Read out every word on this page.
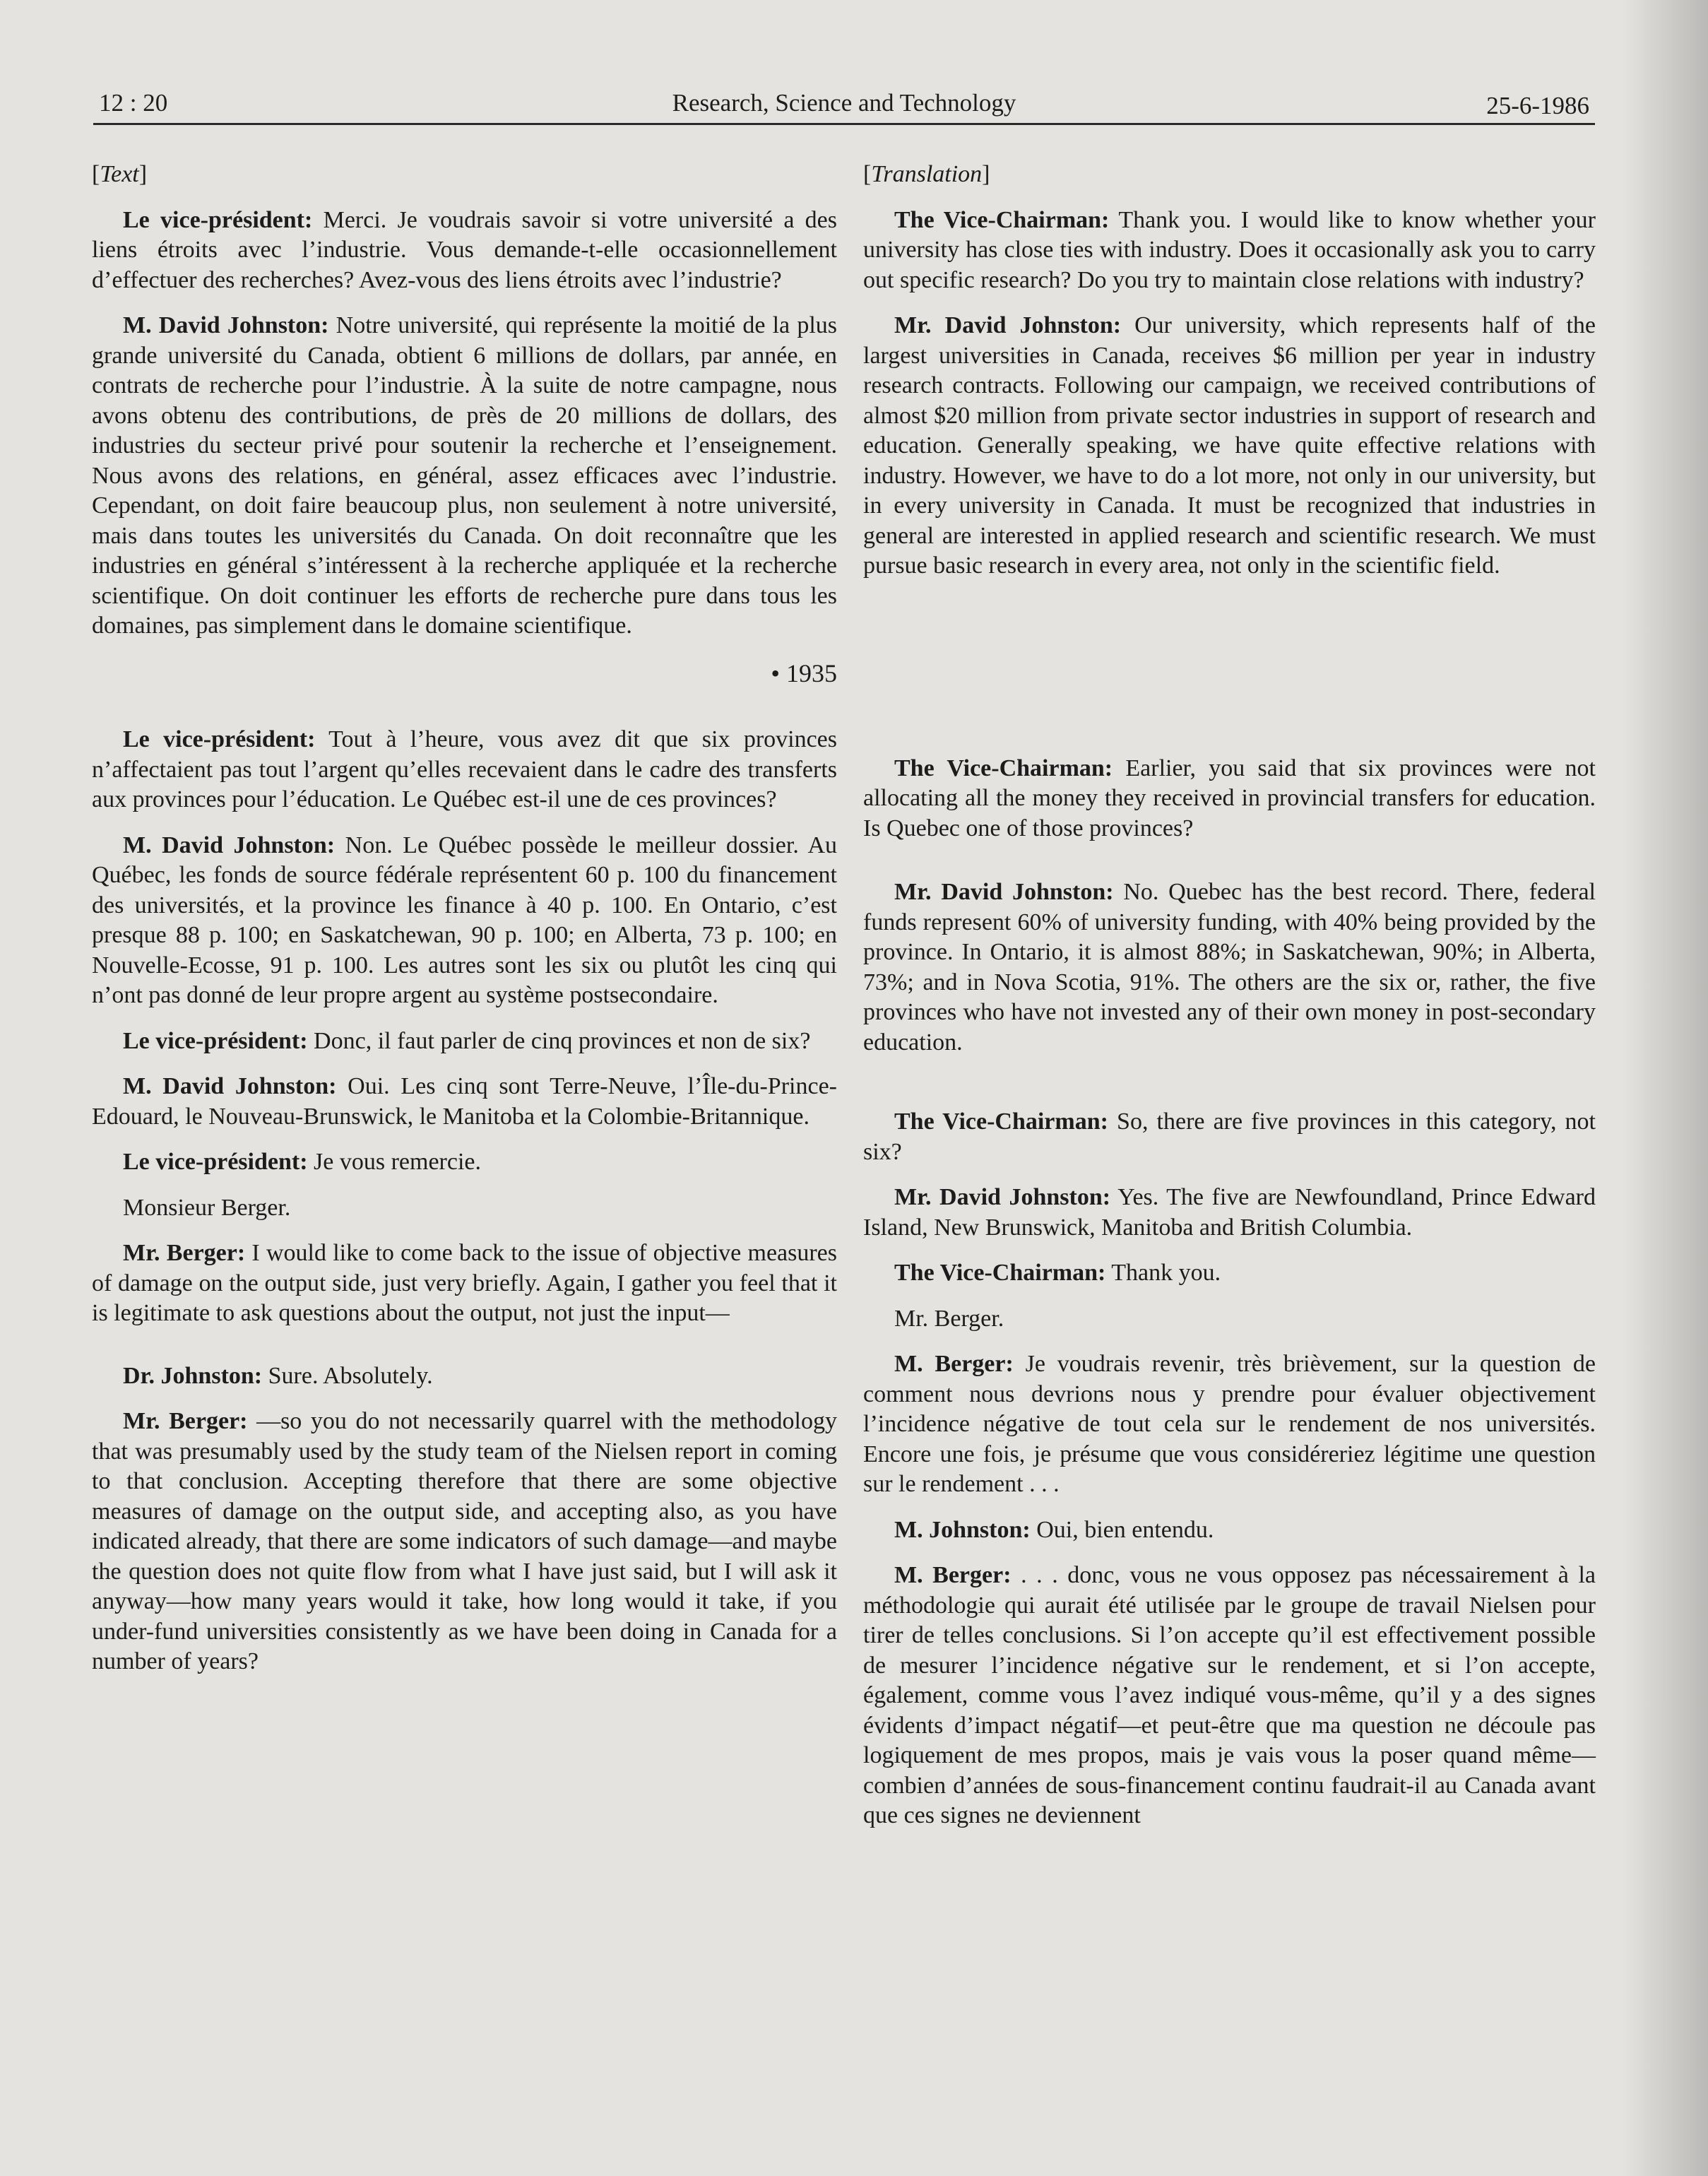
12 : 20	Research, Science and Technology	25-6-1986

[Text]

Le vice-président: Merci. Je voudrais savoir si votre université a des liens étroits avec l’industrie. Vous demande-t-elle occasionnellement d’effectuer des recherches? Avez-vous des liens étroits avec l’industrie?

M. David Johnston: Notre université, qui représente la moitié de la plus grande université du Canada, obtient 6 millions de dollars, par année, en contrats de recherche pour l’industrie. À la suite de notre campagne, nous avons obtenu des contributions, de près de 20 millions de dollars, des industries du secteur privé pour soutenir la recherche et l’enseignement. Nous avons des relations, en général, assez efficaces avec l’industrie. Cependant, on doit faire beaucoup plus, non seulement à notre université, mais dans toutes les universités du Canada. On doit reconnaître que les industries en général s’intéressent à la recherche appliquée et la recherche scientifique. On doit continuer les efforts de recherche pure dans tous les domaines, pas simplement dans le domaine scientifique.

• 1935

Le vice-président: Tout à l’heure, vous avez dit que six provinces n’affectaient pas tout l’argent qu’elles recevaient dans le cadre des transferts aux provinces pour l’éducation. Le Québec est-il une de ces provinces?

M. David Johnston: Non. Le Québec possède le meilleur dossier. Au Québec, les fonds de source fédérale représentent 60 p. 100 du financement des universités, et la province les finance à 40 p. 100. En Ontario, c’est presque 88 p. 100; en Saskatchewan, 90 p. 100; en Alberta, 73 p. 100; en Nouvelle-Ecosse, 91 p. 100. Les autres sont les six ou plutôt les cinq qui n’ont pas donné de leur propre argent au système postsecondaire.

Le vice-président: Donc, il faut parler de cinq provinces et non de six?

M. David Johnston: Oui. Les cinq sont Terre-Neuve, l’Île-du-Prince-Edouard, le Nouveau-Brunswick, le Manitoba et la Colombie-Britannique.

Le vice-président: Je vous remercie.

Monsieur Berger.

Mr. Berger: I would like to come back to the issue of objective measures of damage on the output side, just very briefly. Again, I gather you feel that it is legitimate to ask questions about the output, not just the input—

Dr. Johnston: Sure. Absolutely.

Mr. Berger: —so you do not necessarily quarrel with the methodology that was presumably used by the study team of the Nielsen report in coming to that conclusion. Accepting therefore that there are some objective measures of damage on the output side, and accepting also, as you have indicated already, that there are some indicators of such damage—and maybe the question does not quite flow from what I have just said, but I will ask it anyway—how many years would it take, how long would it take, if you under-fund universities consistently as we have been doing in Canada for a number of years?

[Translation]

The Vice-Chairman: Thank you. I would like to know whether your university has close ties with industry. Does it occasionally ask you to carry out specific research? Do you try to maintain close relations with industry?

Mr. David Johnston: Our university, which represents half of the largest universities in Canada, receives $6 million per year in industry research contracts. Following our campaign, we received contributions of almost $20 million from private sector industries in support of research and education. Generally speaking, we have quite effective relations with industry. However, we have to do a lot more, not only in our university, but in every university in Canada. It must be recognized that industries in general are interested in applied research and scientific research. We must pursue basic research in every area, not only in the scientific field.

The Vice-Chairman: Earlier, you said that six provinces were not allocating all the money they received in provincial transfers for education. Is Quebec one of those provinces?

Mr. David Johnston: No. Quebec has the best record. There, federal funds represent 60% of university funding, with 40% being provided by the province. In Ontario, it is almost 88%; in Saskatchewan, 90%; in Alberta, 73%; and in Nova Scotia, 91%. The others are the six or, rather, the five provinces who have not invested any of their own money in post-secondary education.

The Vice-Chairman: So, there are five provinces in this category, not six?

Mr. David Johnston: Yes. The five are Newfoundland, Prince Edward Island, New Brunswick, Manitoba and British Columbia.

The Vice-Chairman: Thank you.

Mr. Berger.

M. Berger: Je voudrais revenir, très brièvement, sur la question de comment nous devrions nous y prendre pour évaluer objectivement l’incidence négative de tout cela sur le rendement de nos universités. Encore une fois, je présume que vous considéreriez légitime une question sur le rendement . . .

M. Johnston: Oui, bien entendu.

M. Berger: . . . donc, vous ne vous opposez pas nécessairement à la méthodologie qui aurait été utilisée par le groupe de travail Nielsen pour tirer de telles conclusions. Si l’on accepte qu’il est effectivement possible de mesurer l’incidence négative sur le rendement, et si l’on accepte, également, comme vous l’avez indiqué vous-même, qu’il y a des signes évidents d’impact négatif—et peut-être que ma question ne découle pas logiquement de mes propos, mais je vais vous la poser quand même—combien d’années de sous-financement continu faudrait-il au Canada avant que ces signes ne deviennent
